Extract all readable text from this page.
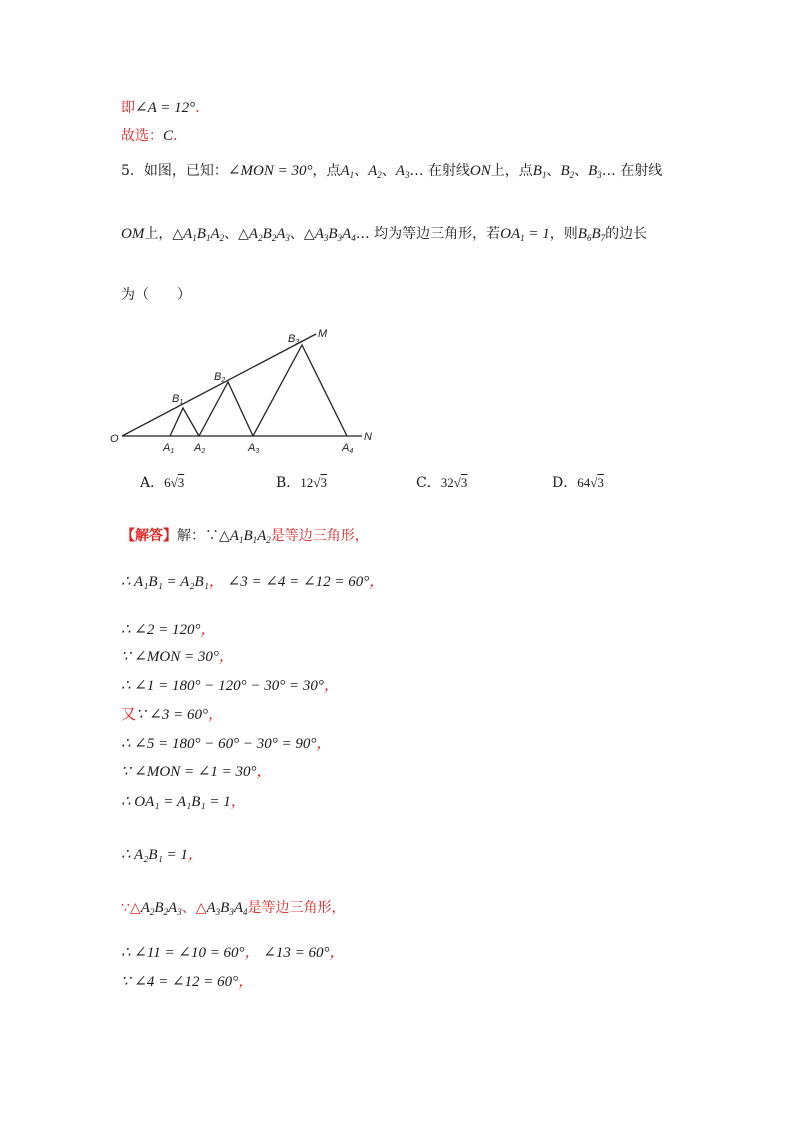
即∠A = 12°.
故选：C.
5．如图，已知：∠MON = 30°，点$A_1$、$A_2$、$A_3\dots$ 在射线ON上，点$B_1$、$B_2$、$B_3\dots$ 在射线
OM上，$\triangle A_1B_1A_2$、$\triangle A_2B_2A_3$、$\triangle A_3B_3A_4\dots$ 均为等边三角形，若$OA_1 = 1$，则$B_6B_7$的边长
为（　　）
O
M
N
A1 A2	A3	A4
B1
B2
B3
A．6√3	B．12√3	C．32√3	D．64√3
【解答】解：$\because\triangle A_1B_1A_2$是等边三角形，
∴ A₁B₁ = A₂B₁， ∠3 = ∠4 = ∠12 = 60°，
∴ ∠2 = 120°，
∵ ∠MON = 30°，
∴ ∠1 = 180° − 120° − 30° = 30°，
又∵ ∠3 = 60°，
∴ ∠5 = 180° − 60° − 30° = 90°，
∵ ∠MON = ∠1 = 30°，
∴ OA₁ = A₁B₁ = 1，
∴ A₂B₁ = 1，
$\because\triangle A_2B_2A_3$、$\triangle A_3B_3A_4$是等边三角形，
∴ ∠11 = ∠10 = 60°， ∠13 = 60°，
∵ ∠4 = ∠12 = 60°，
